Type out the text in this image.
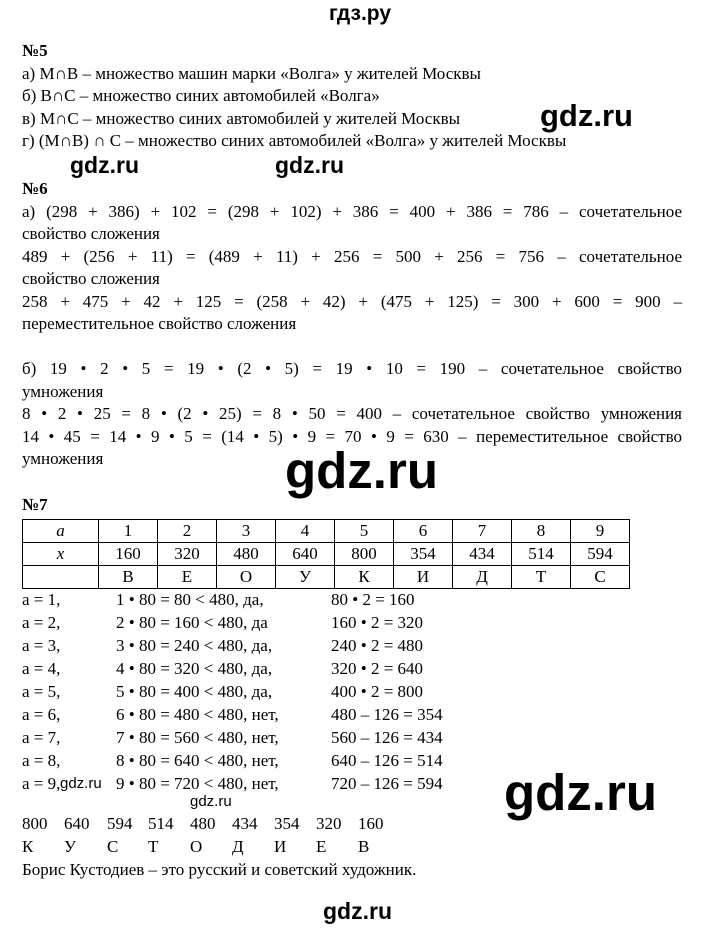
гдз.ру
№5
а) M∩B – множество машин марки «Волга» у жителей Москвы
б) B∩C – множество синих автомобилей «Волга»
в) M∩C – множество синих автомобилей у жителей Москвы
г) (M∩B) ∩ C – множество синих автомобилей «Волга» у жителей Москвы
№6
а) (298 + 386) + 102 = (298 + 102) + 386 = 400 + 386 = 786 – сочетательное
свойство сложения
489 + (256 + 11) = (489 + 11) + 256 = 500 + 256 = 756 – сочетательное
свойство сложения
258 + 475 + 42 + 125 = (258 + 42) + (475 + 125) = 300 + 600 = 900 –
переместительное свойство сложения
б) 19 • 2 • 5 = 19 • (2 • 5) = 19 • 10 = 190 – сочетательное свойство
умножения
8 • 2 • 25 = 8 • (2 • 25) = 8 • 50 = 400 – сочетательное свойство умножения
14 • 45 = 14 • 9 • 5 = (14 • 5) • 9 = 70 • 9 = 630 – переместительное свойство
умножения
№7
a	1	2	3	4	5	6	7	8	9
x	160	320	480	640	800	354	434	514	594
	В	Е	О	У	К	И	Д	Т	С
a = 1,	1 • 80 = 80 < 480, да,	80 • 2 = 160
a = 2,	2 • 80 = 160 < 480, да	160 • 2 = 320
a = 3,	3 • 80 = 240 < 480, да,	240 • 2 = 480
a = 4,	4 • 80 = 320 < 480, да,	320 • 2 = 640
a = 5,	5 • 80 = 400 < 480, да,	400 • 2 = 800
a = 6,	6 • 80 = 480 < 480, нет,	480 – 126 = 354
a = 7,	7 • 80 = 560 < 480, нет,	560 – 126 = 434
a = 8,	8 • 80 = 640 < 480, нет,	640 – 126 = 514
a = 9,	9 • 80 = 720 < 480, нет,	720 – 126 = 594
800 640 594 514 480 434 354 320 160
К У С Т О Д И Е В
Борис Кустодиев – это русский и советский художник.
gdz.ru
gdz.ru	gdz.ru
gdz.ru
gdz.ru
gdz.ru
gdz.ru
gdz.ru
